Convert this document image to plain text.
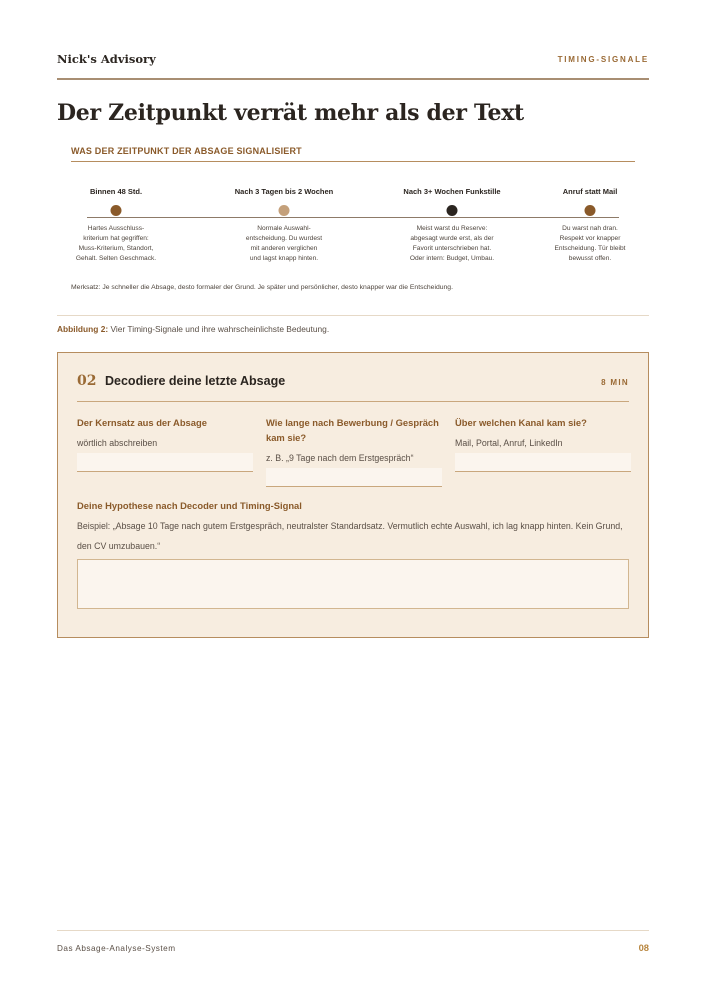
Nick's Advisory	TIMING-SIGNALE
Der Zeitpunkt verrät mehr als der Text
WAS DER ZEITPUNKT DER ABSAGE SIGNALISIERT
Binnen 48 Std.
Hartes Ausschluss-
kriterium hat gegriffen:
Muss-Kriterium, Standort,
Gehalt. Selten Geschmack.
Nach 3 Tagen bis 2 Wochen
Normale Auswahl-
entscheidung. Du wurdest
mit anderen verglichen
und lagst knapp hinten.
Nach 3+ Wochen Funkstille
Meist warst du Reserve:
abgesagt wurde erst, als der
Favorit unterschrieben hat.
Oder intern: Budget, Umbau.
Anruf statt Mail
Du warst nah dran.
Respekt vor knapper
Entscheidung. Tür bleibt
bewusst offen.
Merksatz: Je schneller die Absage, desto formaler der Grund. Je später und persönlicher, desto knapper war die Entscheidung.
Abbildung 2: Vier Timing-Signale und ihre wahrscheinlichste Bedeutung.
02 Decodiere deine letzte Absage	8 MIN
Der Kernsatz aus der Absage
wörtlich abschreiben
Wie lange nach Bewerbung / Gespräch kam sie?
z. B. „9 Tage nach dem Erstgespräch“
Über welchen Kanal kam sie?
Mail, Portal, Anruf, LinkedIn
Deine Hypothese nach Decoder und Timing-Signal
Beispiel: „Absage 10 Tage nach gutem Erstgespräch, neutralster Standardsatz. Vermutlich echte Auswahl, ich lag knapp hinten. Kein Grund, den CV umzubauen.“
Das Absage-Analyse-System	08
